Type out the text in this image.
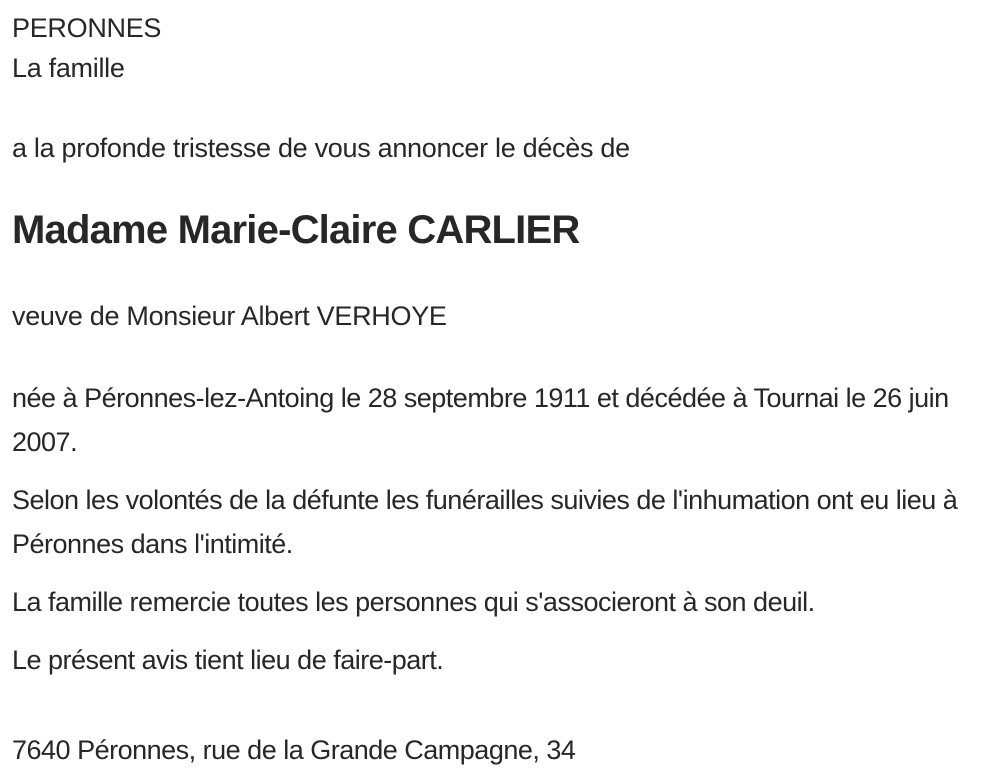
PERONNES
La famille
a la profonde tristesse de vous annoncer le décès de
Madame Marie-Claire CARLIER
veuve de Monsieur Albert VERHOYE

née à Péronnes-lez-Antoing le 28 septembre 1911 et décédée à Tournai le 26 juin 2007.

Selon les volontés de la défunte les funérailles suivies de l'inhumation ont eu lieu à Péronnes dans l'intimité.

La famille remercie toutes les personnes qui s'associeront à son deuil.

Le présent avis tient lieu de faire-part.

7640 Péronnes, rue de la Grande Campagne, 34
